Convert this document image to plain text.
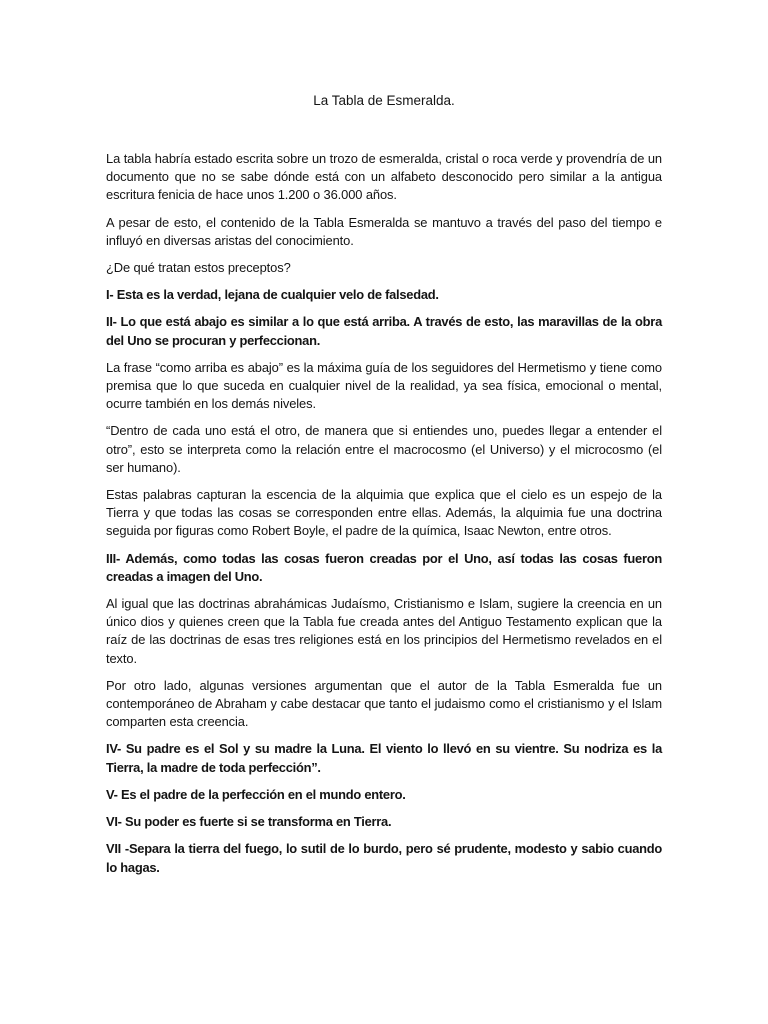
La Tabla de Esmeralda.

La tabla habría estado escrita sobre un trozo de esmeralda, cristal o roca verde y provendría de un documento que no se sabe dónde está con un alfabeto desconocido pero similar a la antigua escritura fenicia de hace unos 1.200 o 36.000 años.

A pesar de esto, el contenido de la Tabla Esmeralda se mantuvo a través del paso del tiempo e influyó en diversas aristas del conocimiento.

¿De qué tratan estos preceptos?

I- Esta es la verdad, lejana de cualquier velo de falsedad.

II- Lo que está abajo es similar a lo que está arriba. A través de esto, las maravillas de la obra del Uno se procuran y perfeccionan.

La frase “como arriba es abajo” es la máxima guía de los seguidores del Hermetismo y tiene como premisa que lo que suceda en cualquier nivel de la realidad, ya sea física, emocional o mental, ocurre también en los demás niveles.

“Dentro de cada uno está el otro, de manera que si entiendes uno, puedes llegar a entender el otro”, esto se interpreta como la relación entre el macrocosmo (el Universo) y el microcosmo (el ser humano).

Estas palabras capturan la escencia de la alquimia que explica que el cielo es un espejo de la Tierra y que todas las cosas se corresponden entre ellas. Además, la alquimia fue una doctrina seguida por figuras como Robert Boyle, el padre de la química, Isaac Newton, entre otros.

III- Además, como todas las cosas fueron creadas por el Uno, así todas las cosas fueron creadas a imagen del Uno.

Al igual que las doctrinas abrahámicas Judaísmo, Cristianismo e Islam, sugiere la creencia en un único dios y quienes creen que la Tabla fue creada antes del Antiguo Testamento explican que la raíz de las doctrinas de esas tres religiones está en los principios del Hermetismo revelados en el texto.

Por otro lado, algunas versiones argumentan que el autor de la Tabla Esmeralda fue un contemporáneo de Abraham y cabe destacar que tanto el judaismo como el cristianismo y el Islam comparten esta creencia.

IV- Su padre es el Sol y su madre la Luna. El viento lo llevó en su vientre. Su nodriza es la Tierra, la madre de toda perfección”.

V- Es el padre de la perfección en el mundo entero.

VI- Su poder es fuerte si se transforma en Tierra.

VII -Separa la tierra del fuego, lo sutil de lo burdo, pero sé prudente, modesto y sabio cuando lo hagas.
